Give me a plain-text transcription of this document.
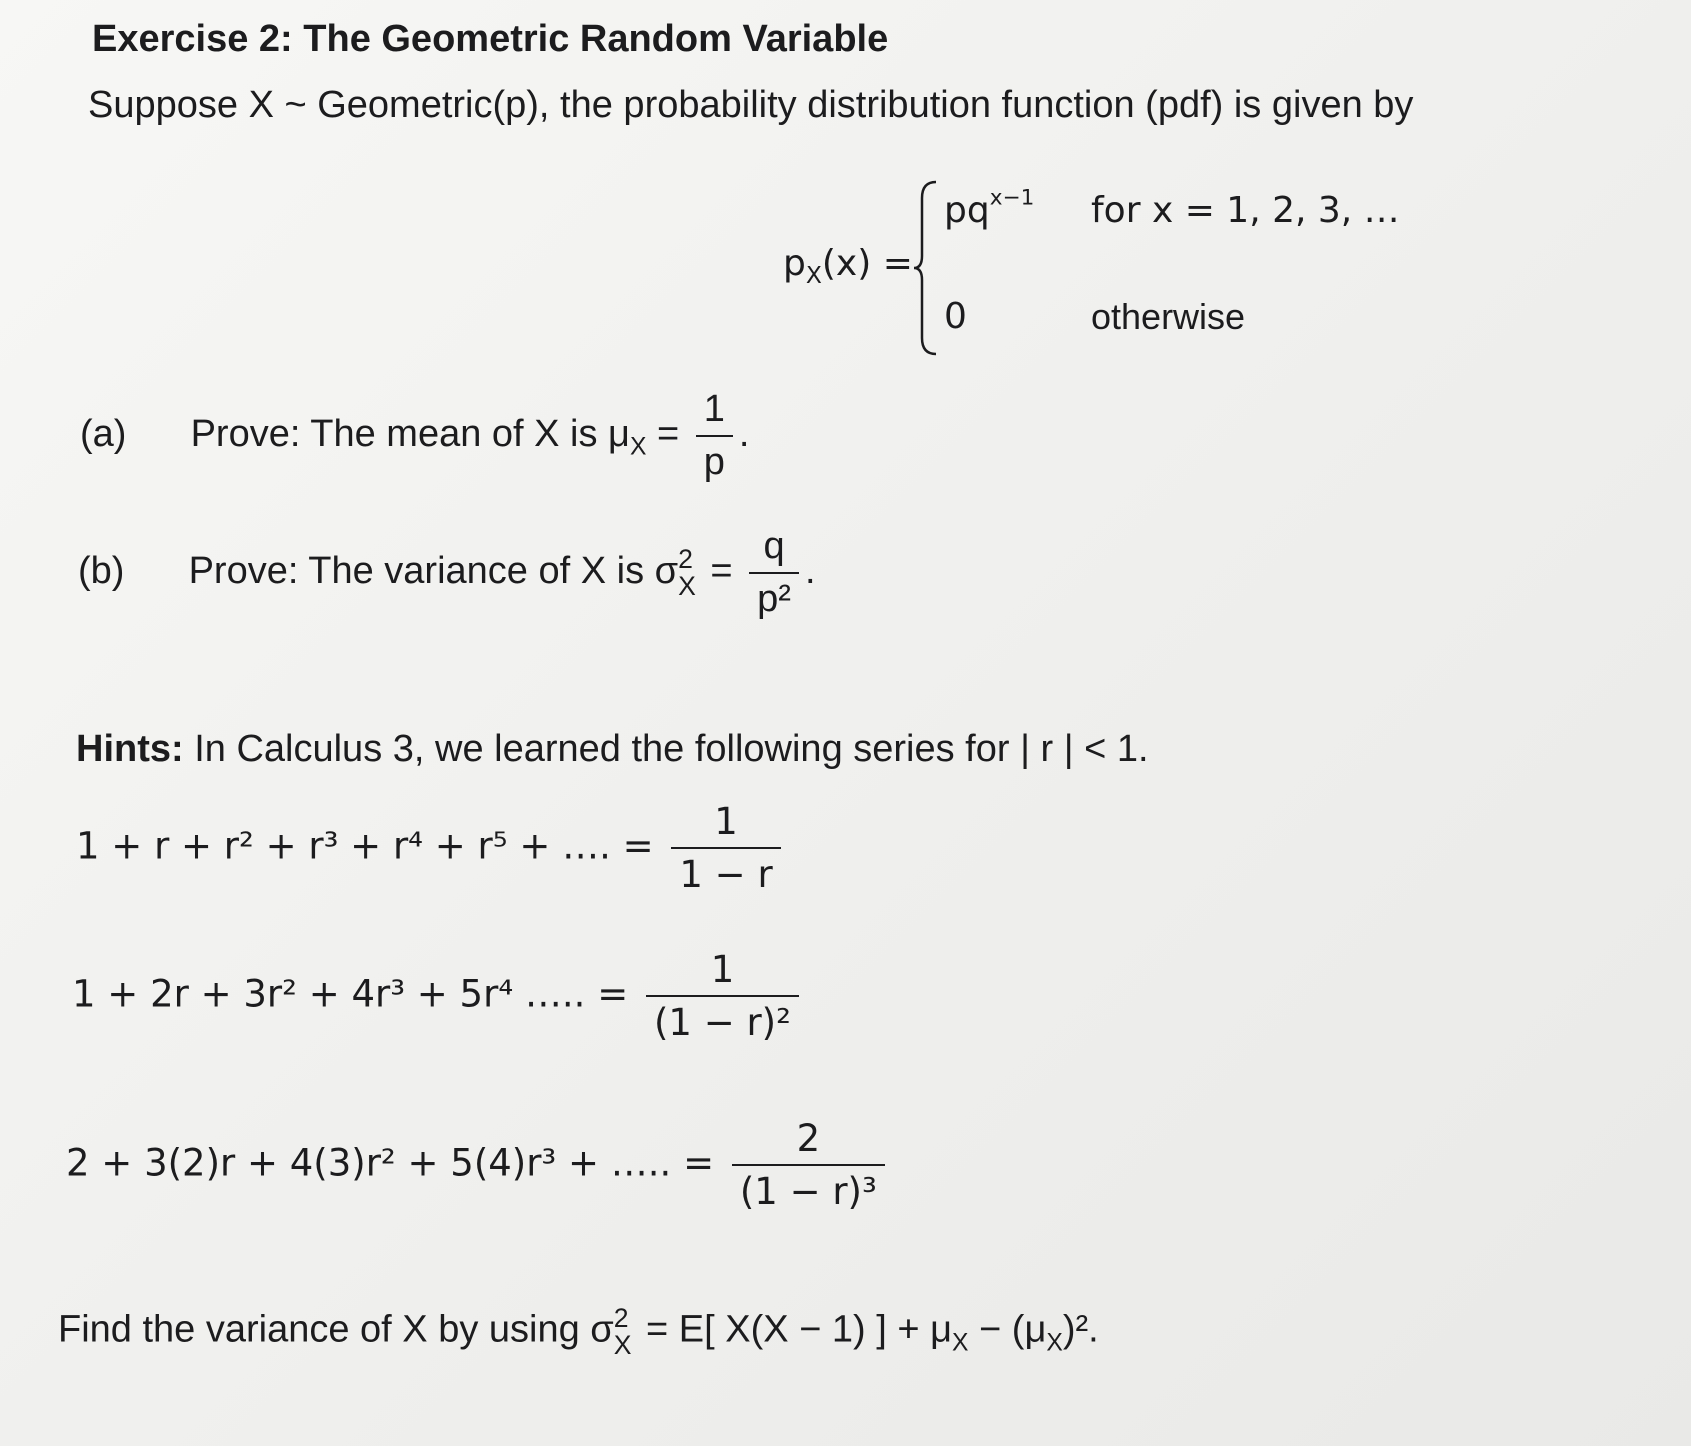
Exercise 2: The Geometric Random Variable
Suppose X ~ Geometric(p), the probability distribution function (pdf) is given by
$p_X(x)$ =
$pq^{x-1}$ for x = 1, 2, 3, …
0	otherwise
(a) Prove: The mean of X is $\mu_X = \frac{1}{p}$ .
(b) Prove: The variance of X is σ 2
$X = \frac{q}{\text{p²}}$ .
Hints: In Calculus 3, we learned the following series for | r | < 1.
1 + r + r² + r³ + r⁴ + r⁵ + …. = $\frac{1}{1 - r}$
1 + 2r + 3r² + 4r³ + 5r⁴ ….. = $\frac{1}{\text{(1 − r)²}}$
2 + 3(2)r + 4(3)r² + 5(4)r³ + ….. = $\frac{2}{\text{(1 − r)³}}$
Find the variance of X by using σ 2
X = E[ X(X − 1) ] + $\mu_X - (\mu_X)^2$.
